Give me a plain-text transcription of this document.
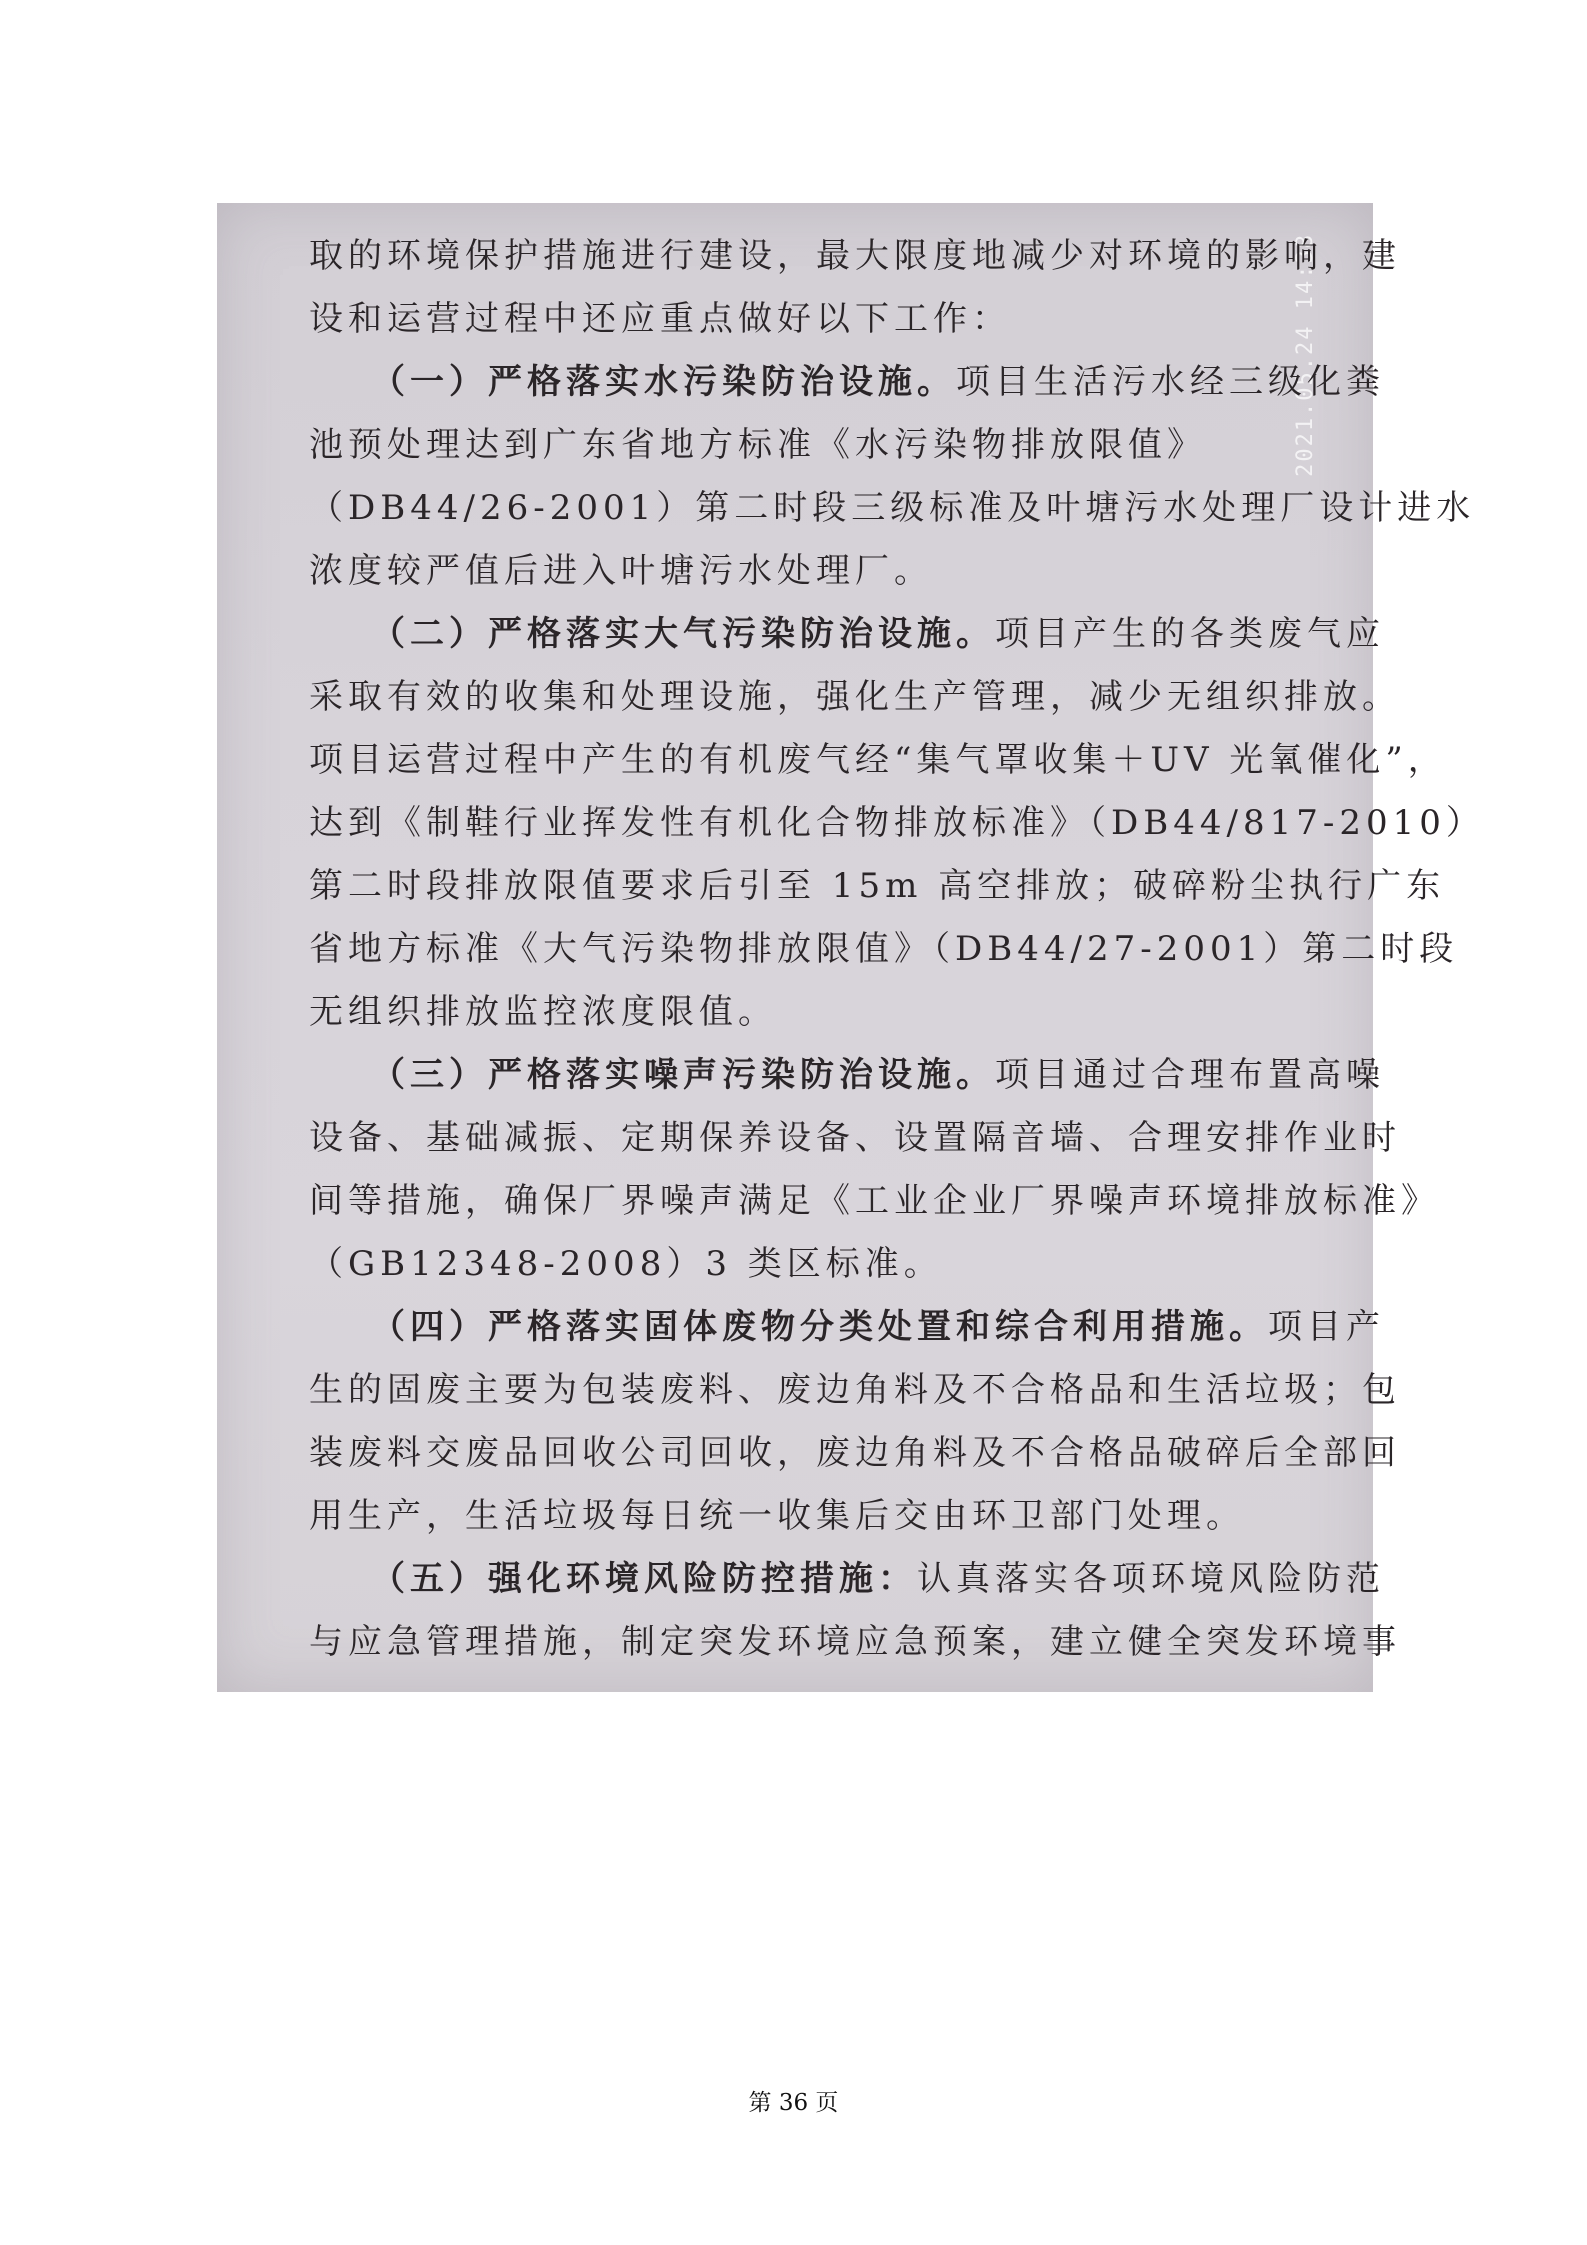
2021.05.24 14:38
取的环境保护措施进行建设，最大限度地减少对环境的影响，建
设和运营过程中还应重点做好以下工作：
（一）严格落实水污染防治设施。项目生活污水经三级化粪
池预处理达到广东省地方标准《水污染物排放限值》
（DB44/26-2001）第二时段三级标准及叶塘污水处理厂设计进水
浓度较严值后进入叶塘污水处理厂。
（二）严格落实大气污染防治设施。项目产生的各类废气应
采取有效的收集和处理设施，强化生产管理，减少无组织排放。
项目运营过程中产生的有机废气经“集气罩收集＋UV 光氧催化”，
达到《制鞋行业挥发性有机化合物排放标准》（DB44/817-2010）
第二时段排放限值要求后引至 15m 高空排放；破碎粉尘执行广东
省地方标准《大气污染物排放限值》（DB44/27-2001）第二时段
无组织排放监控浓度限值。
（三）严格落实噪声污染防治设施。项目通过合理布置高噪
设备、基础减振、定期保养设备、设置隔音墙、合理安排作业时
间等措施，确保厂界噪声满足《工业企业厂界噪声环境排放标准》
（GB12348-2008）3 类区标准。
（四）严格落实固体废物分类处置和综合利用措施。项目产
生的固废主要为包装废料、废边角料及不合格品和生活垃圾；包
装废料交废品回收公司回收，废边角料及不合格品破碎后全部回
用生产，生活垃圾每日统一收集后交由环卫部门处理。
（五）强化环境风险防控措施：认真落实各项环境风险防范
与应急管理措施，制定突发环境应急预案，建立健全突发环境事
第 36 页
